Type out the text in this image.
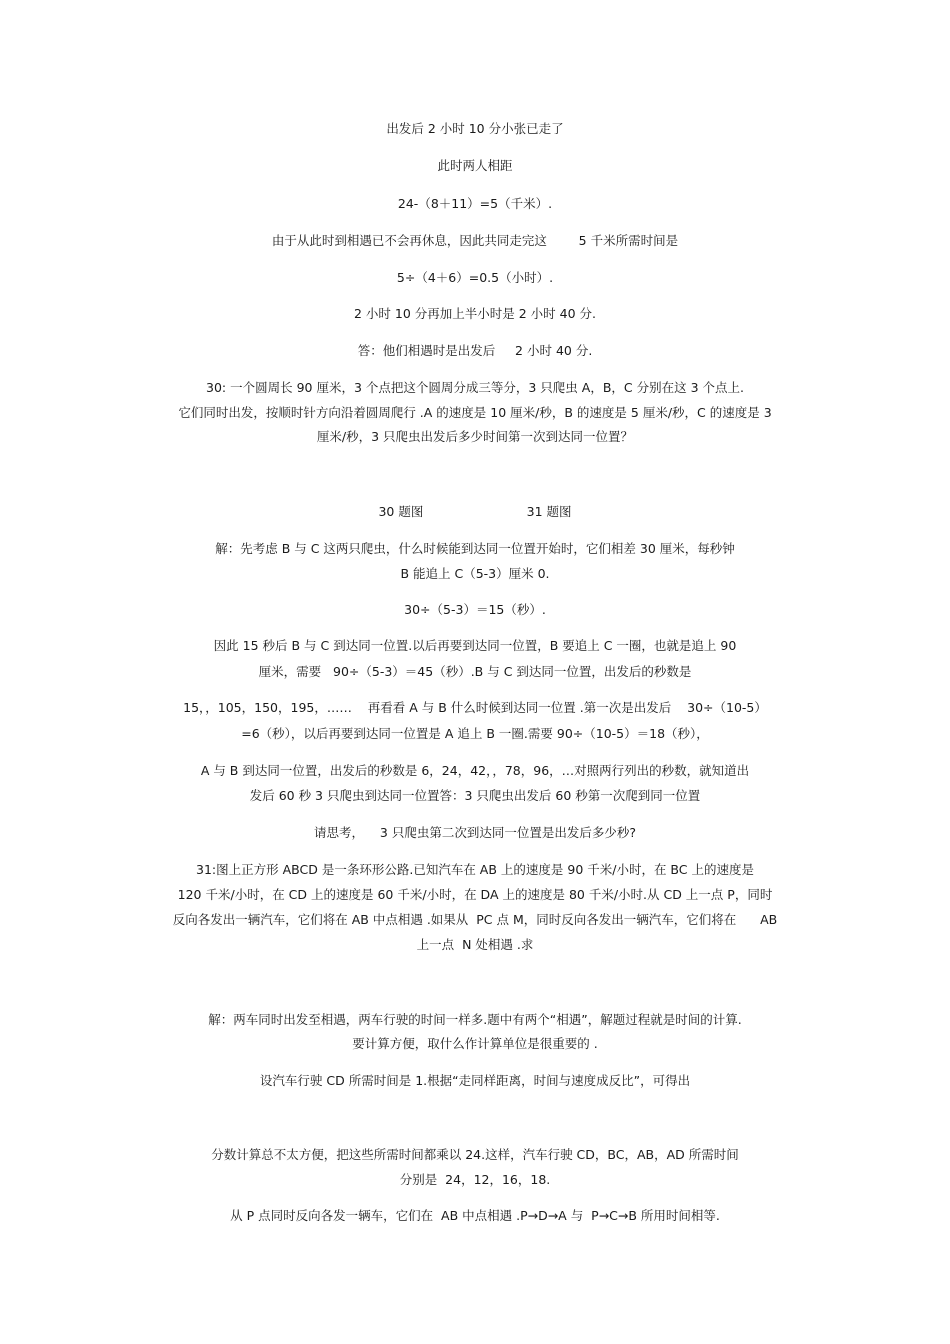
出发后 2 小时 10 分小张已走了
此时两人相距
24-（8＋11）=5（千米）.
由于从此时到相遇已不会再休息，因此共同走完这        5 千米所需时间是
5÷（4＋6）=0.5（小时）.
2 小时 10 分再加上半小时是 2 小时 40 分.
答：他们相遇时是出发后     2 小时 40 分.
30: 一个圆周长 90 厘米，3 个点把这个圆周分成三等分，3 只爬虫 A，B，C 分别在这 3 个点上.
它们同时出发，按顺时针方向沿着圆周爬行 .A 的速度是 10 厘米/秒，B 的速度是 5 厘米/秒，C 的速度是 3
厘米/秒，3 只爬虫出发后多少时间第一次到达同一位置？
30 题图                          31 题图
解：先考虑 B 与 C 这两只爬虫，什么时候能到达同一位置开始时，它们相差 30 厘米，每秒钟
B 能追上 C（5-3）厘米 0.
30÷（5-3）＝15（秒）.
因此 15 秒后 B 与 C 到达同一位置.以后再要到达同一位置，B 要追上 C 一圈，也就是追上 90
厘米，需要   90÷（5-3）＝45（秒）.B 与 C 到达同一位置，出发后的秒数是
15，，105，150，195，……    再看看 A 与 B 什么时候到达同一位置 .第一次是出发后    30÷（10-5）
=6（秒），以后再要到达同一位置是 A 追上 B 一圈.需要 90÷（10-5）＝18（秒），
A 与 B 到达同一位置，出发后的秒数是 6，24，42，，78，96，…对照两行列出的秒数，就知道出
发后 60 秒 3 只爬虫到达同一位置答：3 只爬虫出发后 60 秒第一次爬到同一位置
请思考，    3 只爬虫第二次到达同一位置是出发后多少秒?
31:图上正方形 ABCD 是一条环形公路.已知汽车在 AB 上的速度是 90 千米/小时，在 BC 上的速度是
120 千米/小时，在 CD 上的速度是 60 千米/小时，在 DA 上的速度是 80 千米/小时.从 CD 上一点 P，同时
反向各发出一辆汽车，它们将在 AB 中点相遇 .如果从  PC 点 M，同时反向各发出一辆汽车，它们将在      AB
上一点  N 处相遇 .求
解：两车同时出发至相遇，两车行驶的时间一样多.题中有两个“相遇”，解题过程就是时间的计算.
要计算方便，取什么作计算单位是很重要的 .
设汽车行驶 CD 所需时间是 1.根据“走同样距离，时间与速度成反比”，可得出
分数计算总不太方便，把这些所需时间都乘以 24.这样，汽车行驶 CD，BC，AB，AD 所需时间
分别是  24，12，16，18.
从 P 点同时反向各发一辆车，它们在  AB 中点相遇 .P→D→A 与  P→C→B 所用时间相等.
